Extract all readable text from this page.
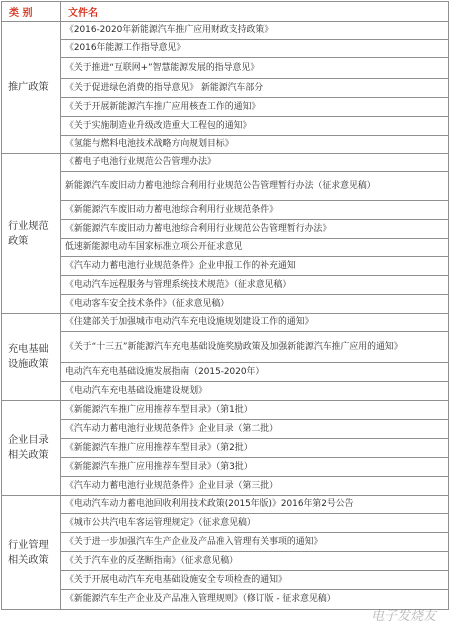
类 别	文件名
推广政策	《2016-2020年新能源汽车推广应用财政支持政策》
	《2016年能源工作指导意见》
	《关于推进“互联网+”智慧能源发展的指导意见》
	《关于促进绿色消费的指导意见》 新能源汽车部分
	《关于开展新能源汽车推广应用核查工作的通知》
	《关于实施制造业升级改造重大工程包的通知》
	《氢能与燃料电池技术战略方向规划目标》
行业规范政策	《蓄电子电池行业规范公告管理办法》
	新能源汽车废旧动力蓄电池综合利用行业规范公告管理暂行办法（征求意见稿）
	《新能源汽车废旧动力蓄电池综合利用行业规范条件》
	《新能源汽车废旧动力蓄电池综合利用行业规范公告管理暂行办法》
	低速新能源电动车国家标准立项公开征求意见
	《汽车动力蓄电池行业规范条件》企业申报工作的补充通知
	《电动汽车远程服务与管理系统技术规范》（征求意见稿）
	《电动客车安全技术条件》（征求意见稿）
充电基础设施政策	《住建部关于加强城市电动汽车充电设施规划建设工作的通知》
	《关于“十三五”新能源汽车充电基础设施奖励政策及加强新能源汽车推广应用的通知》
	电动汽车充电基础设施发展指南（2015-2020年）
	《电动汽车充电基础设施建设规划》
企业目录相关政策	《新能源汽车推广应用推荐车型目录》（第1批）
	《汽车动力蓄电池行业规范条件》企业目录（第二批）
	《新能源汽车推广应用推荐车型目录》（第2批）
	《新能源汽车推广应用推荐车型目录》（第3批）
	《汽车动力蓄电池行业规范条件》企业目录（第三批）
行业管理相关政策	《电动汽车动力蓄电池回收利用技术政策(2015年版)》2016年第2号公告
	《城市公共汽电车客运管理规定》（征求意见稿）
	《关于进一步加强汽车生产企业及产品准入管理有关事项的通知》
	《关于汽车业的反垄断指南》（征求意见稿）
	《关于开展电动汽车充电基础设施安全专项检查的通知》
	《新能源汽车生产企业及产品准入管理规则》（修订版 - 征求意见稿）
电子发烧友
